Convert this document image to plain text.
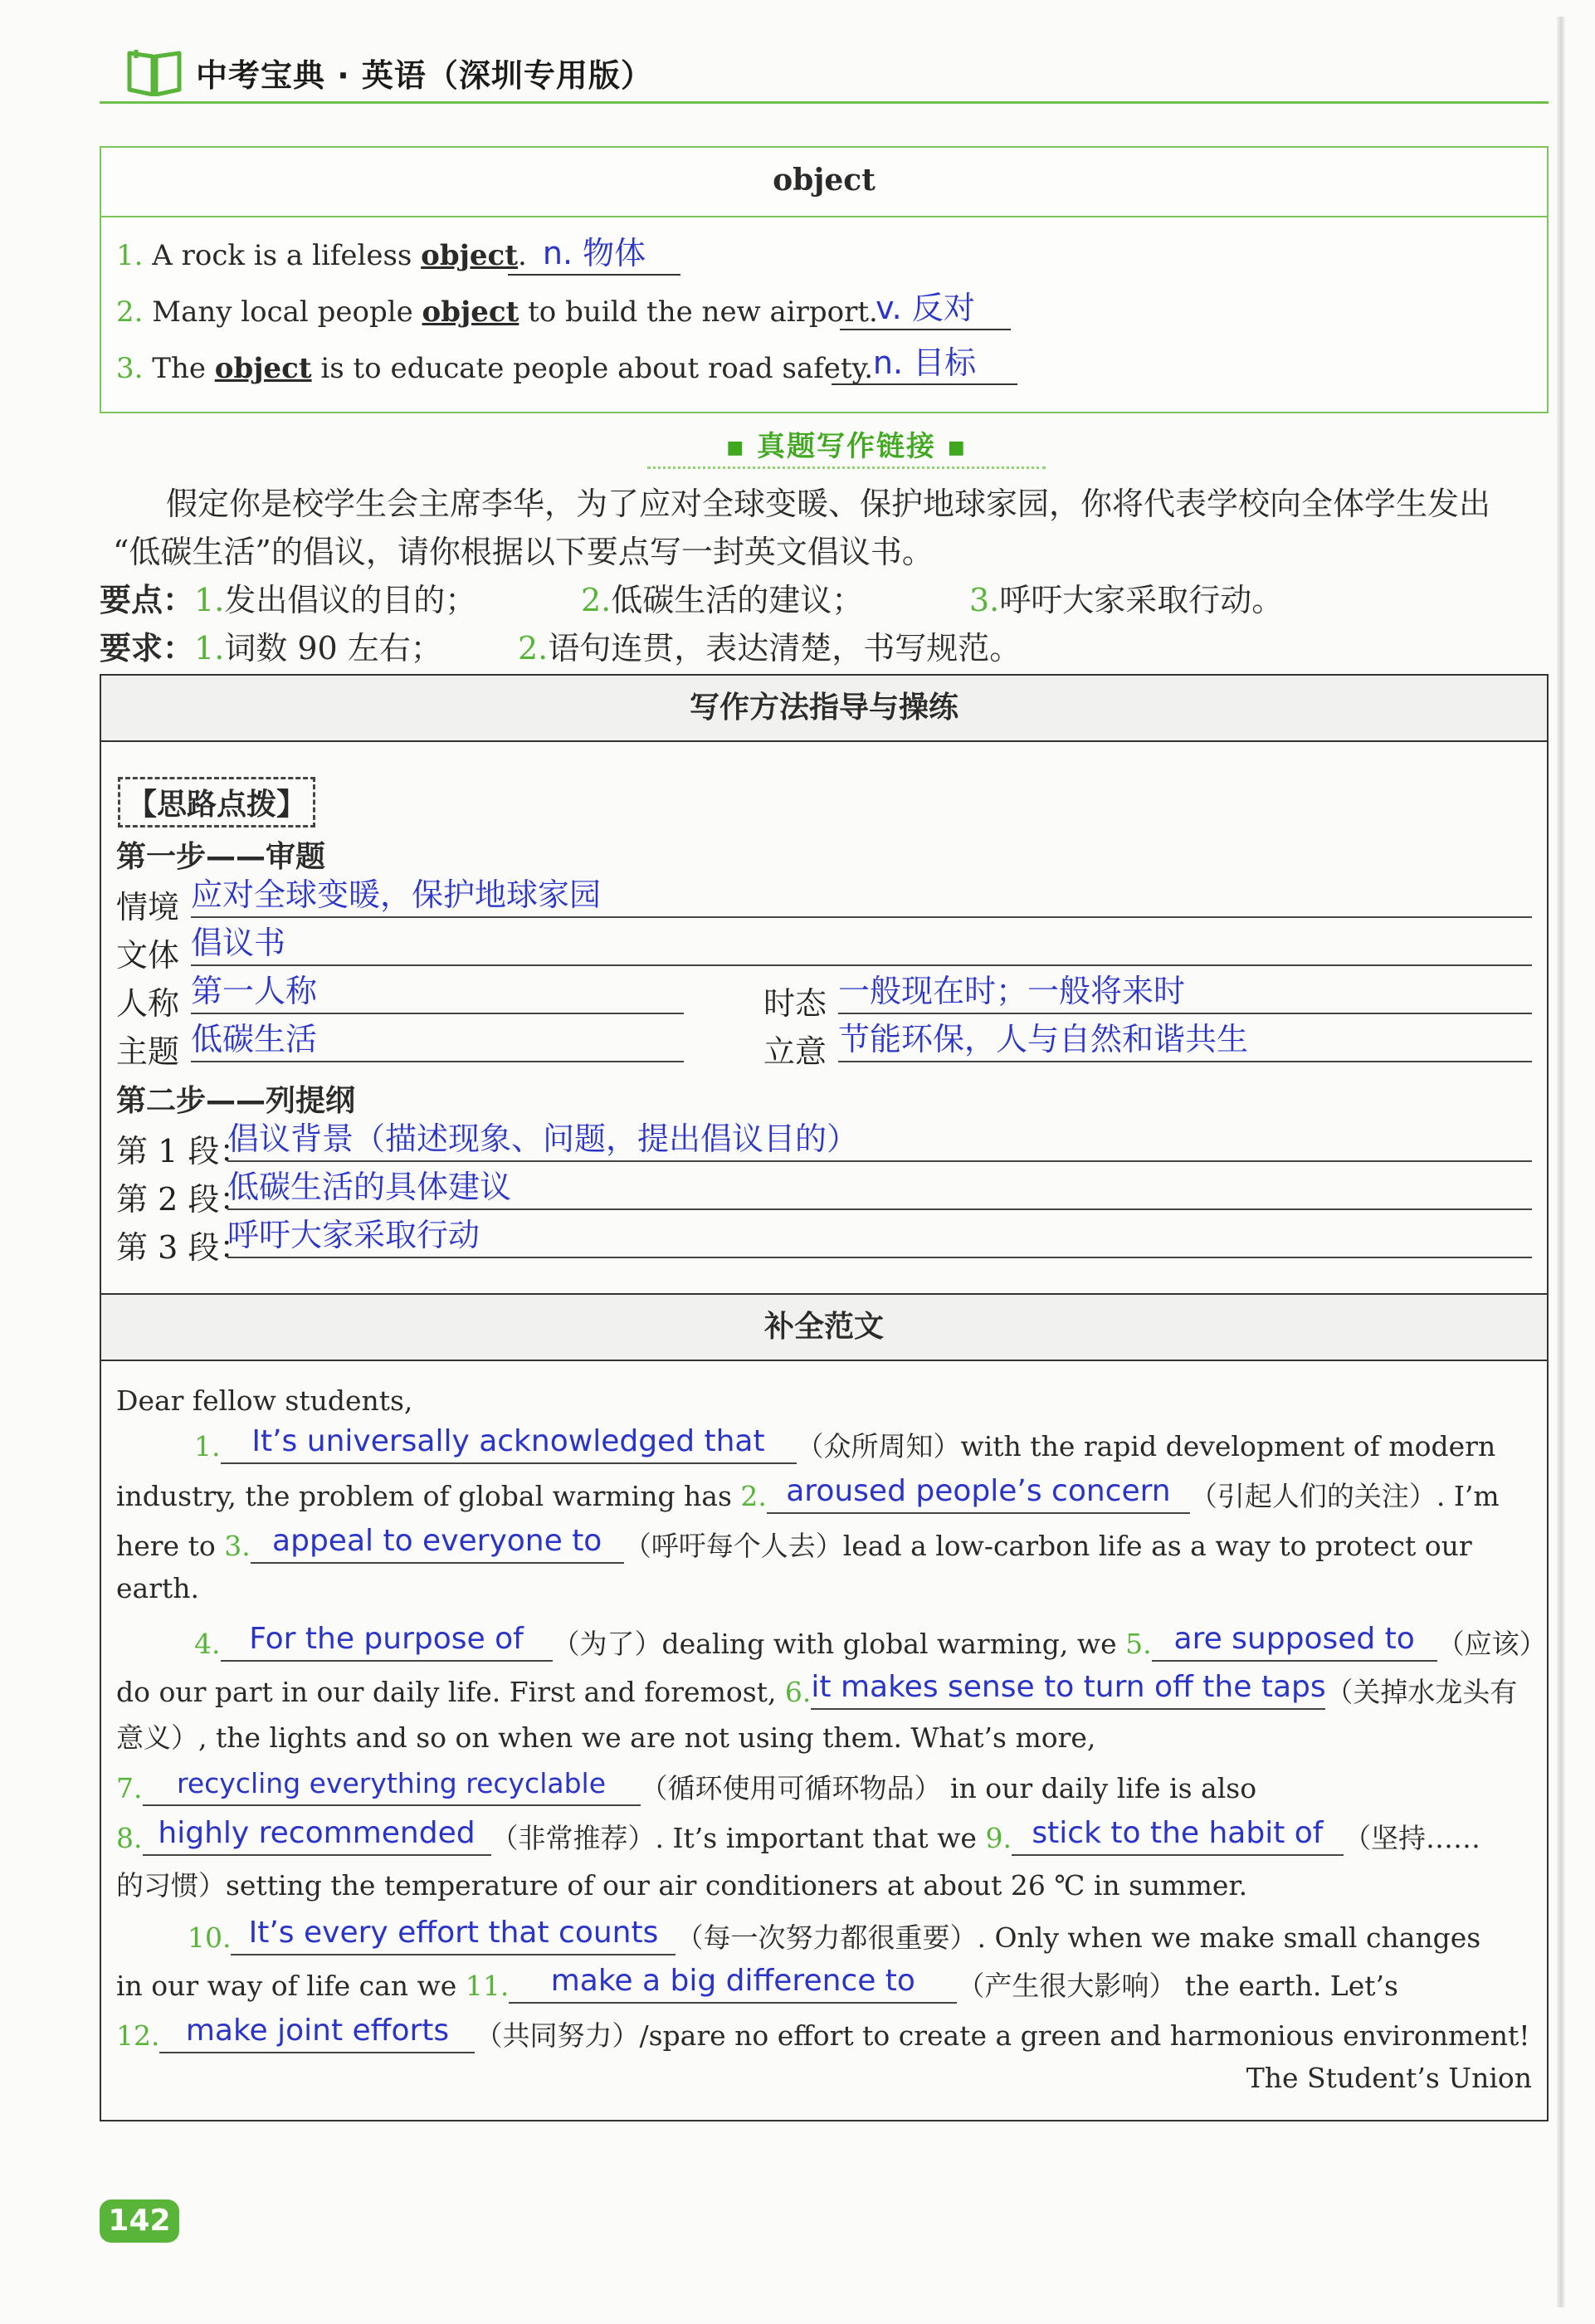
中考宝典 · 英语（深圳专用版）
object
1. A rock is a lifeless object. n. 物体
2. Many local people object to build the new airport.
v. 反对
3. The object is to educate people about road safety. n. 目标
■ 真题写作链接 ■
假定你是校学生会主席李华，为了应对全球变暖、保护地球家园，你将代表学校向全体学生发出
“低碳生活”的倡议，请你根据以下要点写一封英文倡议书。
要点：1.发出倡议的目的；	2.低碳生活的建议；	3.呼吁大家采取行动。
要求：1.词数 90 左右； 2.语句连贯，表达清楚，书写规范。
写作方法指导与操练
【思路点拨】
第一步——审题
情境 应对全球变暖，保护地球家园
文体 倡议书
人称 第一人称	时态 一般现在时；一般将来时
主题 低碳生活	立意 节能环保，人与自然和谐共生
第二步——列提纲
第 1 段：
倡议背景（描述现象、问题，提出倡议目的）
第 2 段：
低碳生活的具体建议
第 3 段：
呼吁大家采取行动
补全范文
Dear fellow students,
1. It’s universally acknowledged that （众所周知）with the rapid development of modern
industry, the problem of global warming has 2. aroused people’s concern （引起人们的关注）. I’m
here to 3. appeal to everyone to （呼吁每个人去）lead a low-carbon life as a way to protect our
earth.
4. For the purpose of （为了）dealing with global warming, we 5. are supposed to （应该）
do our part in our daily life. First and foremost, 6.it makes sense to turn off the taps（关掉水龙头有
意义）, the lights and so on when we are not using them. What’s more,
7. recycling everything recyclable （循环使用可循环物品） in our daily life is also
8. highly recommended （非常推荐）. It’s important that we 9. stick to the habit of （坚持……
的习惯）setting the temperature of our air conditioners at about 26 ℃ in summer.
10. It’s every effort that counts （每一次努力都很重要）. Only when we make small changes
in our way of life can we 11. make a big difference to （产生很大影响） the earth. Let’s
12. make joint efforts （共同努力）/spare no effort to create a green and harmonious environment!
The Student’s Union
142
